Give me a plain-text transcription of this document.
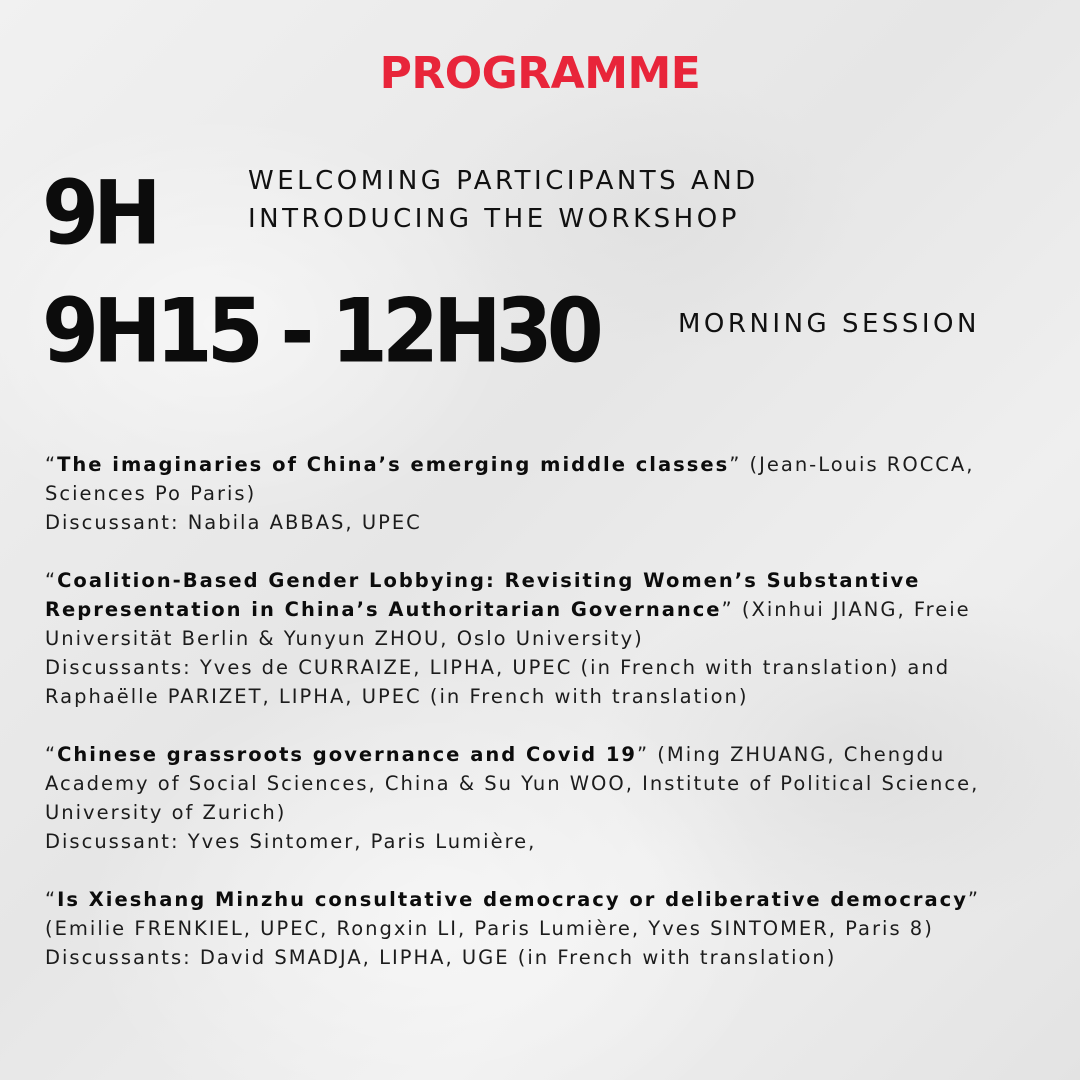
PROGRAMME
9H	WELCOMING PARTICIPANTS AND
INTRODUCING THE WORKSHOP
9H15 - 12H30	MORNING SESSION

“The imaginaries of China’s emerging middle classes” (Jean-Louis ROCCA, Sciences Po Paris)
Discussant: Nabila ABBAS, UPEC

“Coalition-Based Gender Lobbying: Revisiting Women’s Substantive Representation in China’s Authoritarian Governance” (Xinhui JIANG, Freie Universität Berlin & Yunyun ZHOU, Oslo University)
Discussants: Yves de CURRAIZE, LIPHA, UPEC (in French with translation) and Raphaëlle PARIZET, LIPHA, UPEC (in French with translation)

“Chinese grassroots governance and Covid 19” (Ming ZHUANG, Chengdu Academy of Social Sciences, China & Su Yun WOO, Institute of Political Science, University of Zurich)
Discussant: Yves Sintomer, Paris Lumière,

“Is Xieshang Minzhu consultative democracy or deliberative democracy” (Emilie FRENKIEL, UPEC, Rongxin LI, Paris Lumière, Yves SINTOMER, Paris 8)
Discussants: David SMADJA, LIPHA, UGE (in French with translation)
